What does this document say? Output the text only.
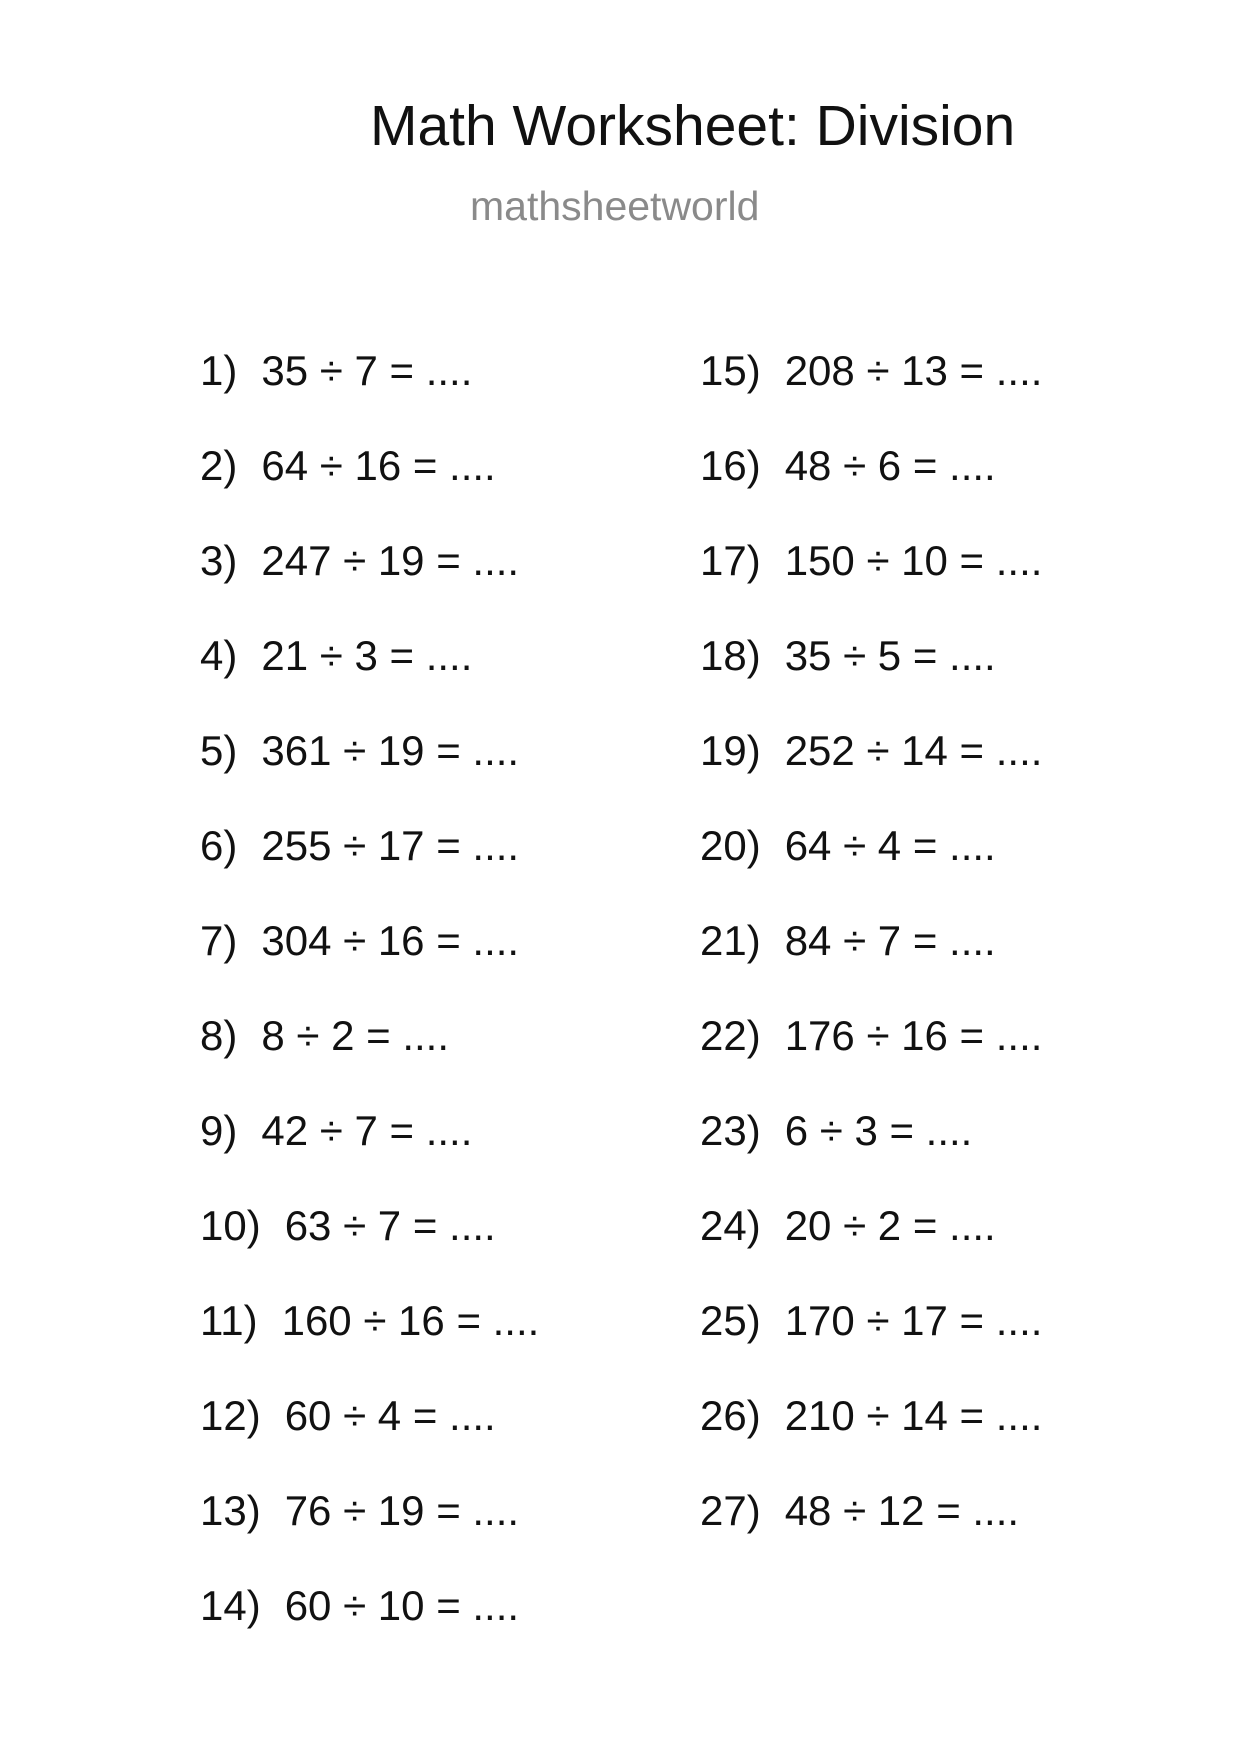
Math Worksheet: Division
mathsheetworld
1) 35 ÷ 7 = ....
2) 64 ÷ 16 = ....
3) 247 ÷ 19 = ....
4) 21 ÷ 3 = ....
5) 361 ÷ 19 = ....
6) 255 ÷ 17 = ....
7) 304 ÷ 16 = ....
8) 8 ÷ 2 = ....
9) 42 ÷ 7 = ....
10) 63 ÷ 7 = ....
11) 160 ÷ 16 = ....
12) 60 ÷ 4 = ....
13) 76 ÷ 19 = ....
14) 60 ÷ 10 = ....
15) 208 ÷ 13 = ....
16) 48 ÷ 6 = ....
17) 150 ÷ 10 = ....
18) 35 ÷ 5 = ....
19) 252 ÷ 14 = ....
20) 64 ÷ 4 = ....
21) 84 ÷ 7 = ....
22) 176 ÷ 16 = ....
23) 6 ÷ 3 = ....
24) 20 ÷ 2 = ....
25) 170 ÷ 17 = ....
26) 210 ÷ 14 = ....
27) 48 ÷ 12 = ....
